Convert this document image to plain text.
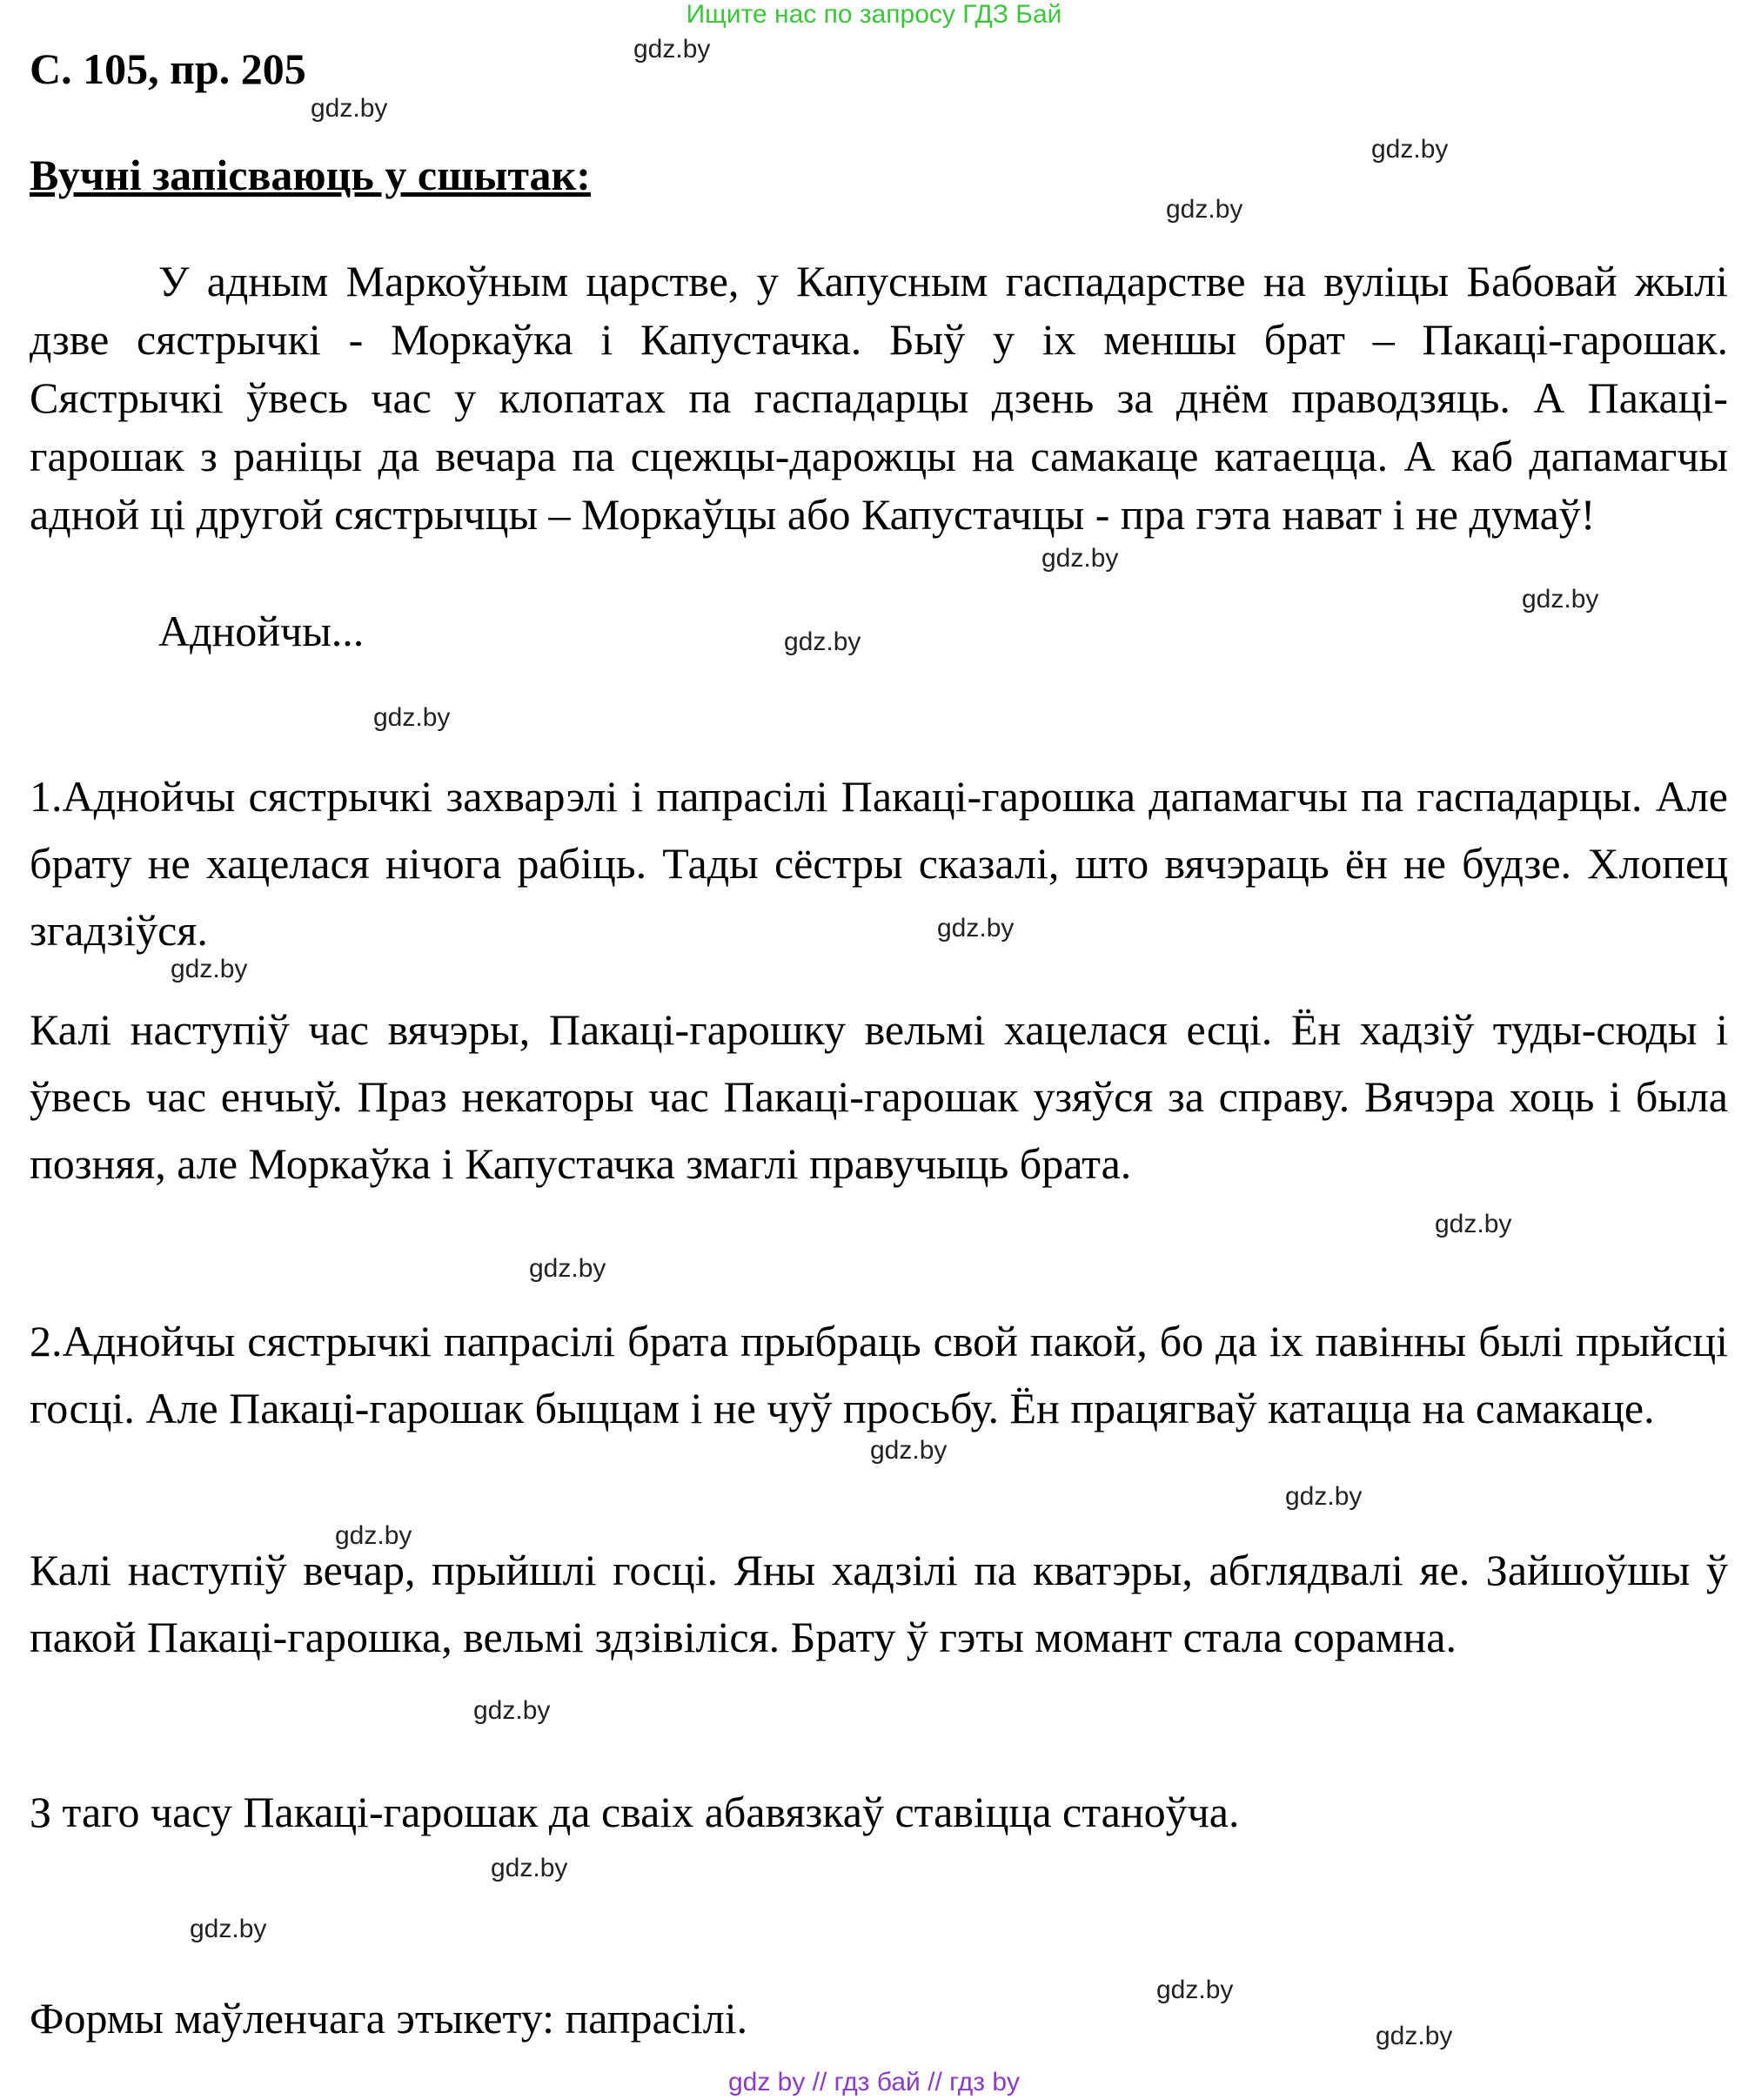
Ищите нас по запросу ГДЗ Бай
С. 105, пр. 205
Вучні запісваюць у сшытак:

У адным Маркоўным царстве, у Капусным гаспадарстве на вуліцы Бабовай жылі дзве сястрычкі - Моркаўка і Капустачка. Быў у іх меншы брат – Пакаці-гарошак. Сястрычкі ўвесь час у клопатах па гаспадарцы дзень за днём праводзяць. А Пакаці-гарошак з раніцы да вечара па сцежцы-дарожцы на самакаце катаецца. А каб дапамагчы адной ці другой сястрычцы – Моркаўцы або Капустачцы - пра гэта нават і не думаў!

Аднойчы...

1.Аднойчы сястрычкі захварэлі і папрасілі Пакаці-гарошка дапамагчы па гаспадарцы. Але брату не хацелася нічога рабіць. Тады сёстры сказалі, што вячэраць ён не будзе. Хлопец згадзіўся.

Калі наступіў час вячэры, Пакаці-гарошку вельмі хацелася есці. Ён хадзіў туды-сюды і ўвесь час енчыў. Праз некаторы час Пакаці-гарошак узяўся за справу. Вячэра хоць і была позняя, але Моркаўка і Капустачка змаглі правучыць брата.

2.Аднойчы сястрычкі папрасілі брата прыбраць свой пакой, бо да іх павінны былі прыйсці госці. Але Пакаці-гарошак быццам і не чуў просьбу. Ён працягваў катацца на самакаце.

Калі наступіў вечар, прыйшлі госці. Яны хадзілі па кватэры, абглядвалі яе. Зайшоўшы ў пакой Пакаці-гарошка, вельмі здзівіліся. Брату ў гэты момант стала сорамна.

З таго часу Пакаці-гарошак да сваіх абавязкаў ставіцца станоўча.

Формы маўленчага этыкету: папрасілі.

gdz.by
gdz.by
gdz.by
gdz.by
gdz.by
gdz.by
gdz.by
gdz.by
gdz.by
gdz.by
gdz.by
gdz.by
gdz.by
gdz.by
gdz.by
gdz.by
gdz.by
gdz.by
gdz.by
gdz.by
gdz by // гдз бай // гдз by
